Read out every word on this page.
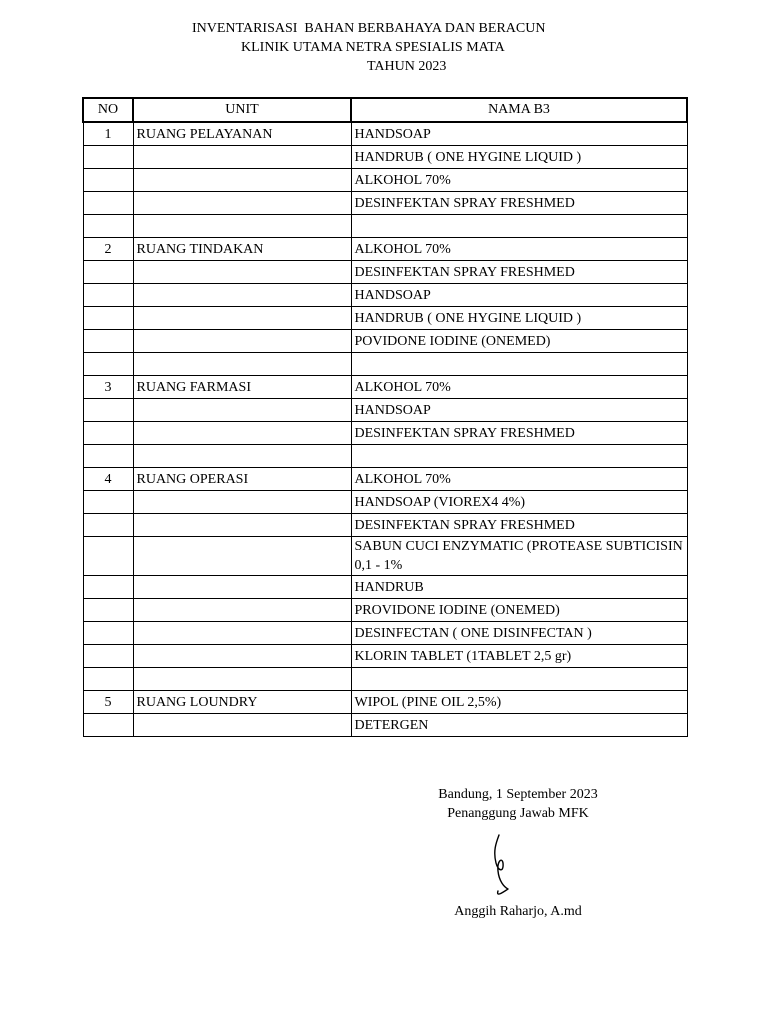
INVENTARISASI  BAHAN BERBAHAYA DAN BERACUN
KLINIK UTAMA NETRA SPESIALIS MATA
TAHUN 2023
NO	UNIT	NAMA B3
1	RUANG PELAYANAN	HANDSOAP
		HANDRUB ( ONE HYGINE LIQUID )
		ALKOHOL 70%
		DESINFEKTAN SPRAY FRESHMED

2	RUANG TINDAKAN	ALKOHOL 70%
		DESINFEKTAN SPRAY FRESHMED
		HANDSOAP
		HANDRUB ( ONE HYGINE LIQUID )
		POVIDONE IODINE (ONEMED)

3	RUANG FARMASI	ALKOHOL 70%
		HANDSOAP
		DESINFEKTAN SPRAY FRESHMED

4	RUANG OPERASI	ALKOHOL 70%
		HANDSOAP (VIOREX4 4%)
		DESINFEKTAN SPRAY FRESHMED
		SABUN CUCI ENZYMATIC (PROTEASE SUBTICISIN 0,1 - 1%
		HANDRUB
		PROVIDONE IODINE (ONEMED)
		DESINFECTAN ( ONE DISINFECTAN )
		KLORIN TABLET (1TABLET 2,5 gr)

5	RUANG LOUNDRY	WIPOL (PINE OIL 2,5%)
		DETERGEN
Bandung, 1 September 2023
Penanggung Jawab MFK
Anggih Raharjo, A.md
